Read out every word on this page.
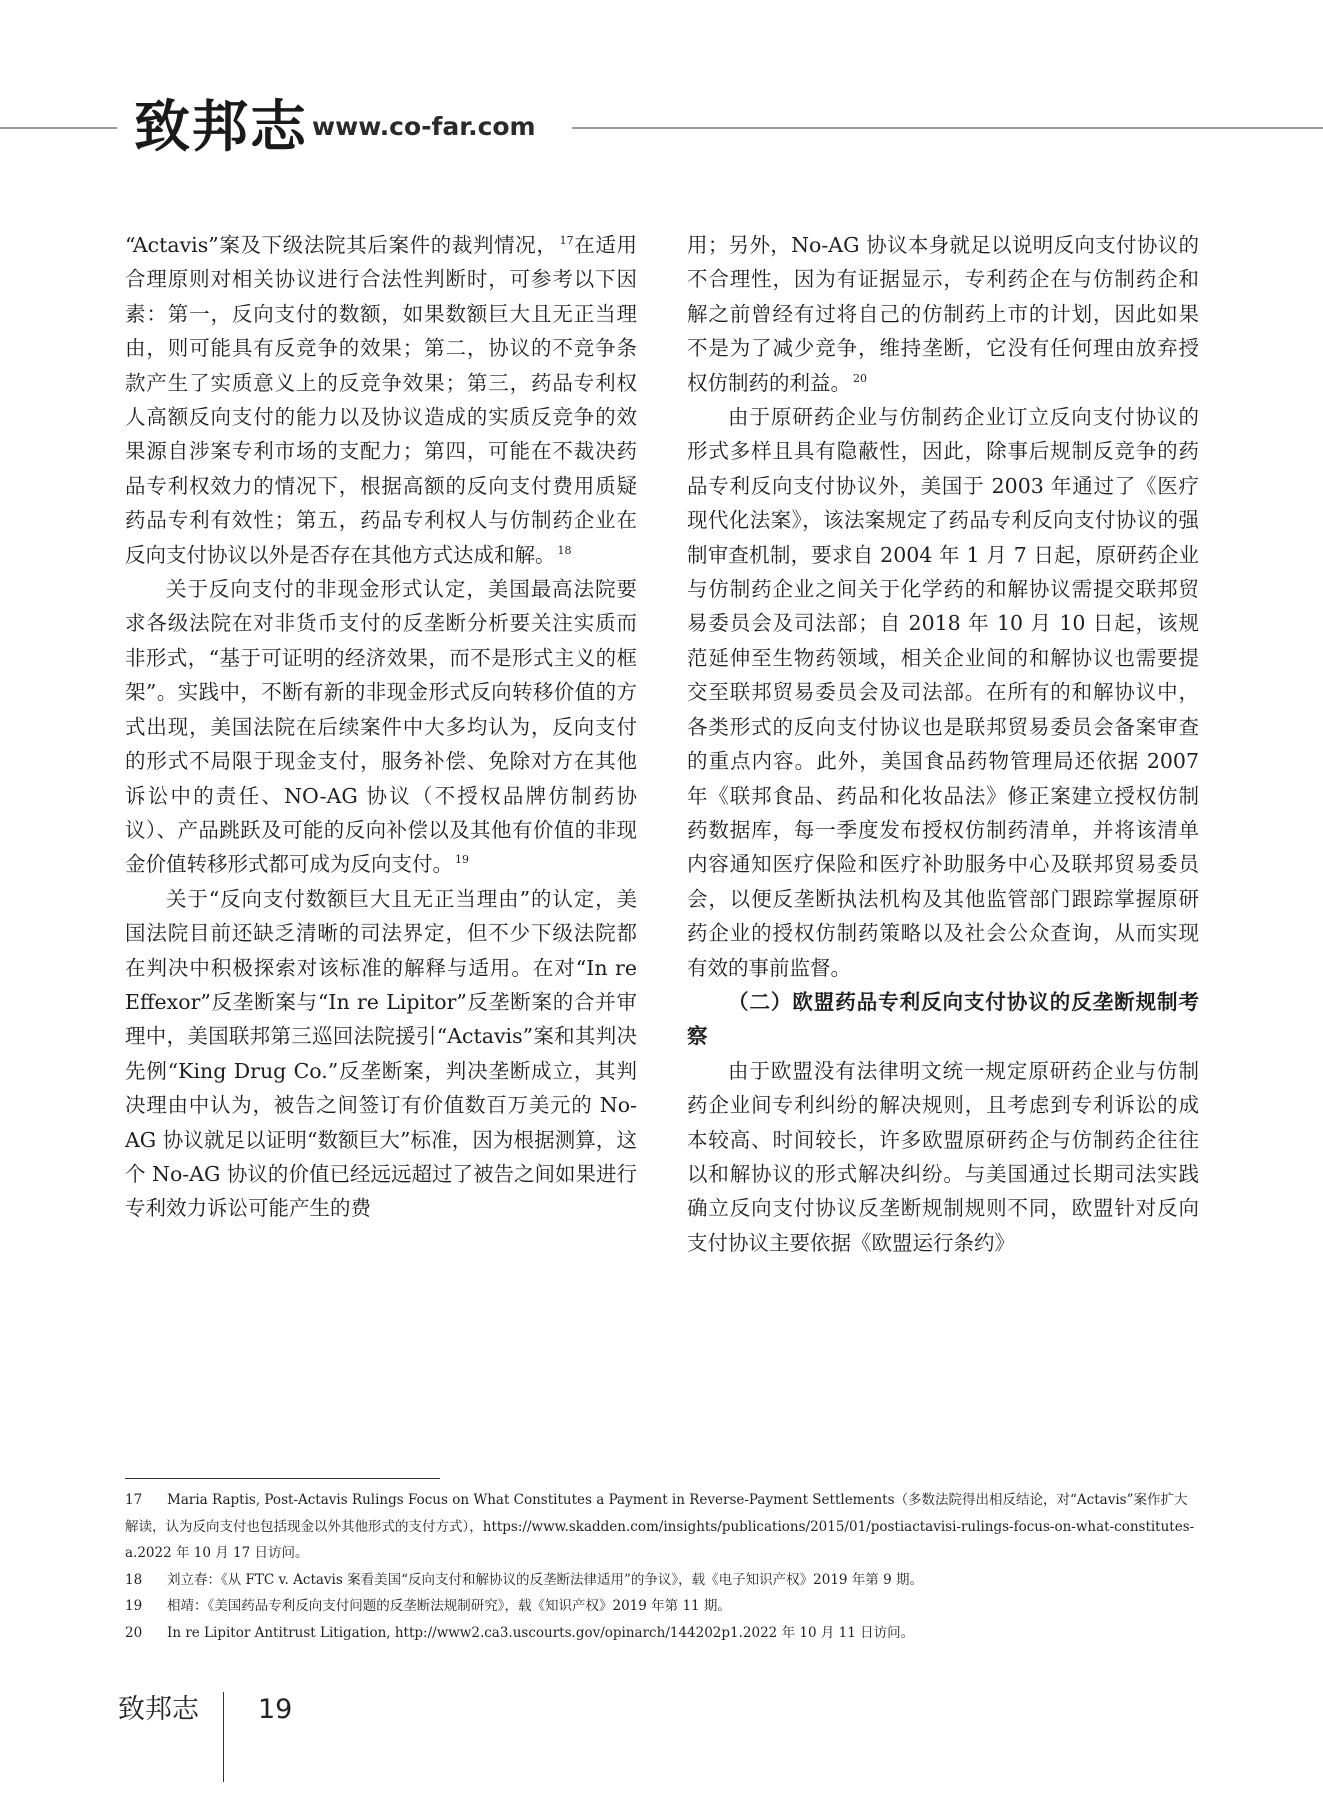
致邦志 www.co-far.com

“Actavis”案及下级法院其后案件的裁判情况， $^{17}$在适用合理原则对相关协议进行合法性判断时，可参考以下因素：第一，反向支付的数额，如果数额巨大且无正当理由，则可能具有反竞争的效果；第二，协议的不竞争条款产生了实质意义上的反竞争效果；第三，药品专利权人高额反向支付的能力以及协议造成的实质反竞争的效果源自涉案专利市场的支配力；第四，可能在不裁决药品专利权效力的情况下，根据高额的反向支付费用质疑药品专利有效性；第五，药品专利权人与仿制药企业在反向支付协议以外是否存在其他方式达成和解。 $^{18}$

关于反向支付的非现金形式认定，美国最高法院要求各级法院在对非货币支付的反垄断分析要关注实质而非形式，“基于可证明的经济效果，而不是形式主义的框架”。实践中，不断有新的非现金形式反向转移价值的方式出现，美国法院在后续案件中大多均认为，反向支付的形式不局限于现金支付，服务补偿、免除对方在其他诉讼中的责任、NO-AG 协议（不授权品牌仿制药协议）、产品跳跃及可能的反向补偿以及其他有价值的非现金价值转移形式都可成为反向支付。 $^{19}$

关于“反向支付数额巨大且无正当理由”的认定，美国法院目前还缺乏清晰的司法界定，但不少下级法院都在判决中积极探索对该标准的解释与适用。在对“In re Effexor”反垄断案与“In re Lipitor”反垄断案的合并审理中，美国联邦第三巡回法院援引“Actavis”案和其判决先例“King Drug Co.”反垄断案，判决垄断成立，其判决理由中认为，被告之间签订有价值数百万美元的 No-AG 协议就足以证明“数额巨大”标准，因为根据测算，这个 No-AG 协议的价值已经远远超过了被告之间如果进行专利效力诉讼可能产生的费

用；另外，No-AG 协议本身就足以说明反向支付协议的不合理性，因为有证据显示，专利药企在与仿制药企和解之前曾经有过将自己的仿制药上市的计划，因此如果不是为了减少竞争，维持垄断，它没有任何理由放弃授权仿制药的利益。 $^{20}$

由于原研药企业与仿制药企业订立反向支付协议的形式多样且具有隐蔽性，因此，除事后规制反竞争的药品专利反向支付协议外，美国于 2003 年通过了《医疗现代化法案》，该法案规定了药品专利反向支付协议的强制审查机制，要求自 2004 年 1 月 7 日起，原研药企业与仿制药企业之间关于化学药的和解协议需提交联邦贸易委员会及司法部；自 2018 年 10 月 10 日起，该规范延伸至生物药领域，相关企业间的和解协议也需要提交至联邦贸易委员会及司法部。在所有的和解协议中，各类形式的反向支付协议也是联邦贸易委员会备案审查的重点内容。此外，美国食品药物管理局还依据 2007 年《联邦食品、药品和化妆品法》修正案建立授权仿制药数据库，每一季度发布授权仿制药清单，并将该清单内容通知医疗保险和医疗补助服务中心及联邦贸易委员会，以便反垄断执法机构及其他监管部门跟踪掌握原研药企业的授权仿制药策略以及社会公众查询，从而实现有效的事前监督。

（二）欧盟药品专利反向支付协议的反垄断规制考察

由于欧盟没有法律明文统一规定原研药企业与仿制药企业间专利纠纷的解决规则，且考虑到专利诉讼的成本较高、时间较长，许多欧盟原研药企与仿制药企往往以和解协议的形式解决纠纷。与美国通过长期司法实践确立反向支付协议反垄断规制规则不同，欧盟针对反向支付协议主要依据《欧盟运行条约》

17 Maria Raptis, Post-Actavis Rulings Focus on What Constitutes a Payment in Reverse-Payment Settlements（多数法院得出相反结论，对“Actavis”案作扩大解读，认为反向支付也包括现金以外其他形式的支付方式），https://www.skadden.com/insights/publications/2015/01/postiactavisi-rulings-focus-on-what-constitutes-a.2022 年 10 月 17 日访问。

18 刘立春：《从 FTC v. Actavis 案看美国“反向支付和解协议的反垄断法律适用”的争议》，载《电子知识产权》2019 年第 9 期。

19 相靖：《美国药品专利反向支付问题的反垄断法规制研究》，载《知识产权》2019 年第 11 期。

20 In re Lipitor Antitrust Litigation, http://www2.ca3.uscourts.gov/opinarch/144202p1.2022 年 10 月 11 日访问。

致邦志 19
